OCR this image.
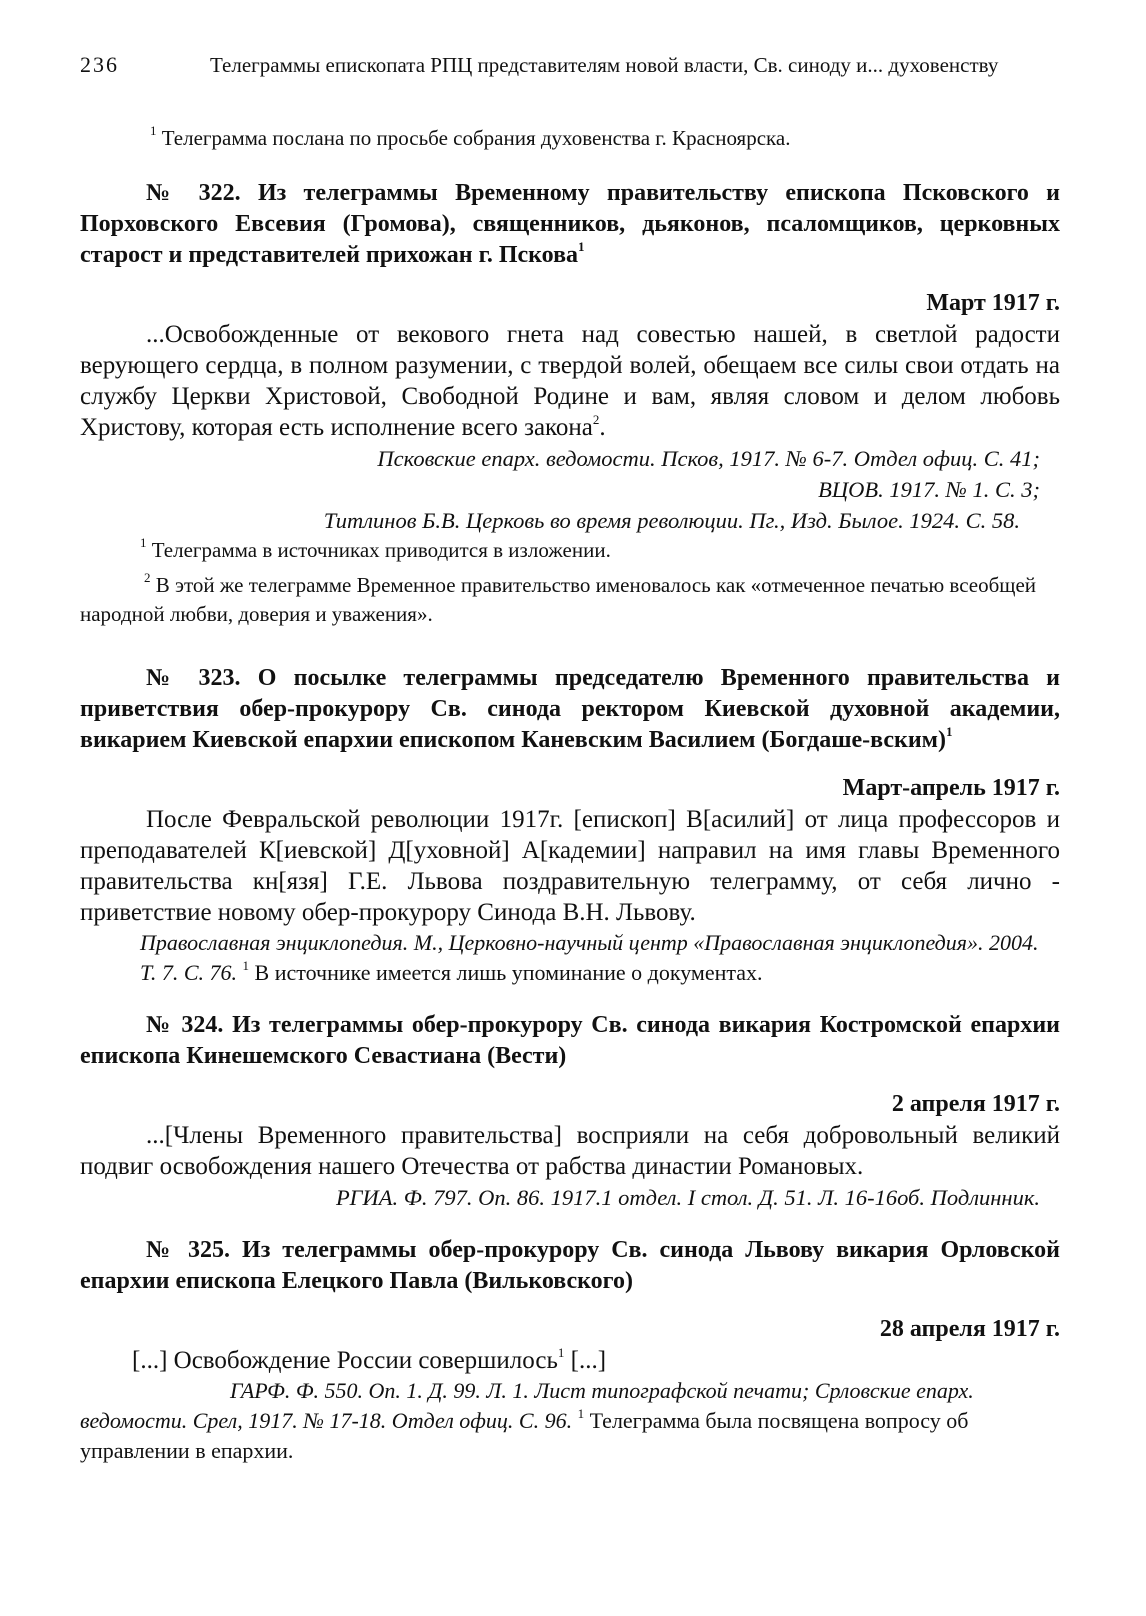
236	Телеграммы епископата РПЦ представителям новой власти, Св. синоду и... духовенству
$^1$ Телеграмма послана по просьбе собрания духовенства г. Красноярска.
№ 322. Из телеграммы Временному правительству епископа Псковского и Порховского Евсевия (Громова), священников, дьяконов, псаломщиков, церковных старост и представителей прихожан г. Пскова$^1$
Март 1917 г.
...Освобожденные от векового гнета над совестью нашей, в светлой радости верующего сердца, в полном разумении, с твердой волей, обещаем все силы свои отдать на службу Церкви Христовой, Свободной Родине и вам, являя словом и делом любовь Христову, которая есть исполнение всего закона$^2$.
Псковские епарх. ведомости. Псков, 1917. № 6-7. Отдел офиц. С. 41;
ВЦОВ. 1917. № 1. С. 3;
Титлинов Б.В. Церковь во время революции. Пг., Изд. Былое. 1924. С. 58.
$^1$ Телеграмма в источниках приводится в изложении.
$^2$ В этой же телеграмме Временное правительство именовалось как «отмеченное печатью всеобщей народной любви, доверия и уважения».
№ 323. О посылке телеграммы председателю Временного правительства и приветствия обер-прокурору Св. синода ректором Киевской духовной академии, викарием Киевской епархии епископом Каневским Василием (Богдаше-вским)$^1$
Март-апрель 1917 г.
После Февральской революции 1917г. [епископ] В[асилий] от лица профессоров и преподавателей К[иевской] Д[уховной] А[кадемии] направил на имя главы Временного правительства кн[язя] Г.Е. Львова поздравительную телеграмму, от себя лично - приветствие новому обер-прокурору Синода В.Н. Львову.
Православная энциклопедия. М., Церковно-научный центр «Православная энциклопедия». 2004. Т. 7. С. 76. $^1$ В источнике имеется лишь упоминание о документах.
№ 324. Из телеграммы обер-прокурору Св. синода викария Костромской епархии епископа Кинешемского Севастиана (Вести)
2 апреля 1917 г.
...[Члены Временного правительства] восприяли на себя добровольный великий подвиг освобождения нашего Отечества от рабства династии Романовых.
РГИА. Ф. 797. Оп. 86. 1917.1 отдел. I стол. Д. 51. Л. 16-16об. Подлинник.
№ 325. Из телеграммы обер-прокурору Св. синода Львову викария Орловской епархии епископа Елецкого Павла (Вильковского)
28 апреля 1917 г.
[...] Освобождение России совершилось$^1$ [...]
ГАРФ. Ф. 550. Оп. 1. Д. 99. Л. 1. Лист типографской печати; Срловские епарх. ведомости. Срел, 1917. № 17-18. Отдел офиц. С. 96. $^1$ Телеграмма была посвящена вопросу об управлении в епархии.
